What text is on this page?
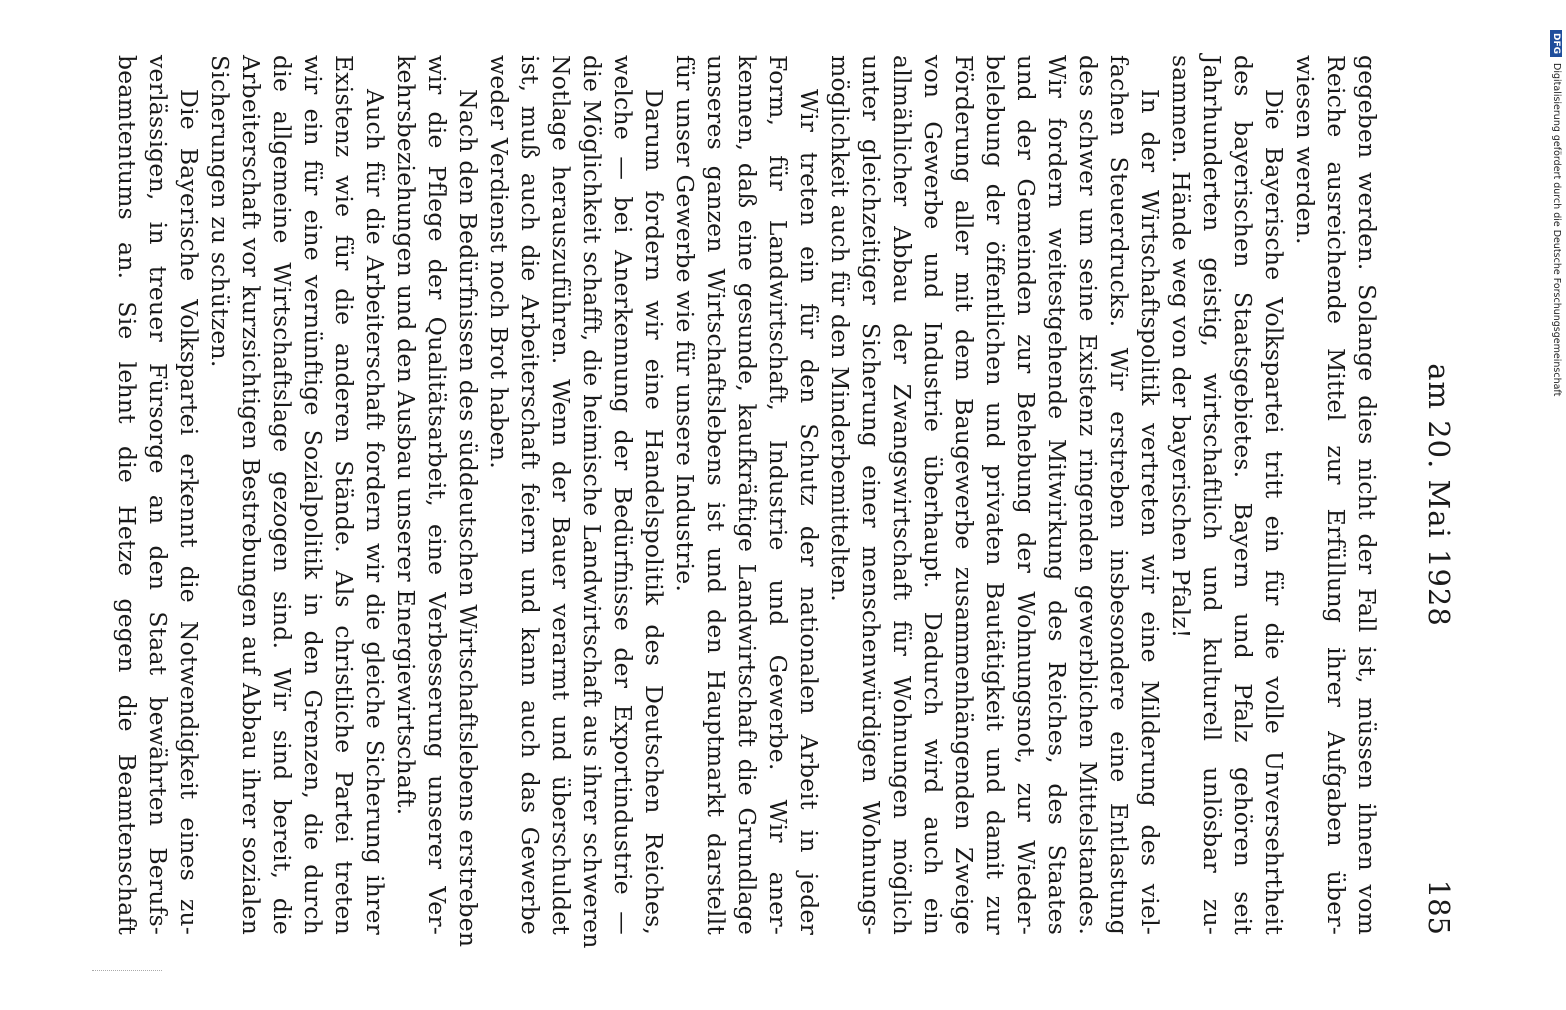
am 20. Mai 1928
185
gegeben werden. Solange dies nicht der Fall ist, müssen ihnen vom
Reiche ausreichende Mittel zur Erfüllung ihrer Aufgaben über-
wiesen werden.
Die Bayerische Volkspartei tritt ein für die volle Unversehrtheit
des bayerischen Staatsgebietes. Bayern und Pfalz gehören seit
Jahrhunderten geistig, wirtschaftlich und kulturell unlösbar zu-
sammen. Hände weg von der bayerischen Pfalz!
In der Wirtschaftspolitik vertreten wir eine Milderung des viel-
fachen Steuerdrucks. Wir erstreben insbesondere eine Entlastung
des schwer um seine Existenz ringenden gewerblichen Mittelstandes.
Wir fordern weitestgehende Mitwirkung des Reiches, des Staates
und der Gemeinden zur Behebung der Wohnungsnot, zur Wieder-
belebung der öffentlichen und privaten Bautätigkeit und damit zur
Förderung aller mit dem Baugewerbe zusammenhängenden Zweige
von Gewerbe und Industrie überhaupt. Dadurch wird auch ein
allmählicher Abbau der Zwangswirtschaft für Wohnungen möglich
unter gleichzeitiger Sicherung einer menschenwürdigen Wohnungs-
möglichkeit auch für den Minderbemittelten.
Wir treten ein für den Schutz der nationalen Arbeit in jeder
Form, für Landwirtschaft, Industrie und Gewerbe. Wir aner-
kennen, daß eine gesunde, kaufkräftige Landwirtschaft die Grundlage
unseres ganzen Wirtschaftslebens ist und den Hauptmarkt darstellt
für unser Gewerbe wie für unsere Industrie.
Darum fordern wir eine Handelspolitik des Deutschen Reiches,
welche — bei Anerkennung der Bedürfnisse der Exportindustrie —
die Möglichkeit schafft, die heimische Landwirtschaft aus ihrer schweren
Notlage herauszuführen. Wenn der Bauer verarmt und überschuldet
ist, muß auch die Arbeiterschaft feiern und kann auch das Gewerbe
weder Verdienst noch Brot haben.
Nach den Bedürfnissen des süddeutschen Wirtschaftslebens erstreben
wir die Pflege der Qualitätsarbeit, eine Verbesserung unserer Ver-
kehrsbeziehungen und den Ausbau unserer Energiewirtschaft.
Auch für die Arbeiterschaft fordern wir die gleiche Sicherung ihrer
Existenz wie für die anderen Stände. Als christliche Partei treten
wir ein für eine vernünftige Sozialpolitik in den Grenzen, die durch
die allgemeine Wirtschaftslage gezogen sind. Wir sind bereit, die
Arbeiterschaft vor kurzsichtigen Bestrebungen auf Abbau ihrer sozialen
Sicherungen zu schützen.
Die Bayerische Volkspartei erkennt die Notwendigkeit eines zu-
verlässigen, in treuer Fürsorge an den Staat bewährten Berufs-
beamtentums an. Sie lehnt die Hetze gegen die Beamtenschaft
DFGDigitalisierung gefördert durch die Deutsche Forschungsgemeinschaft
